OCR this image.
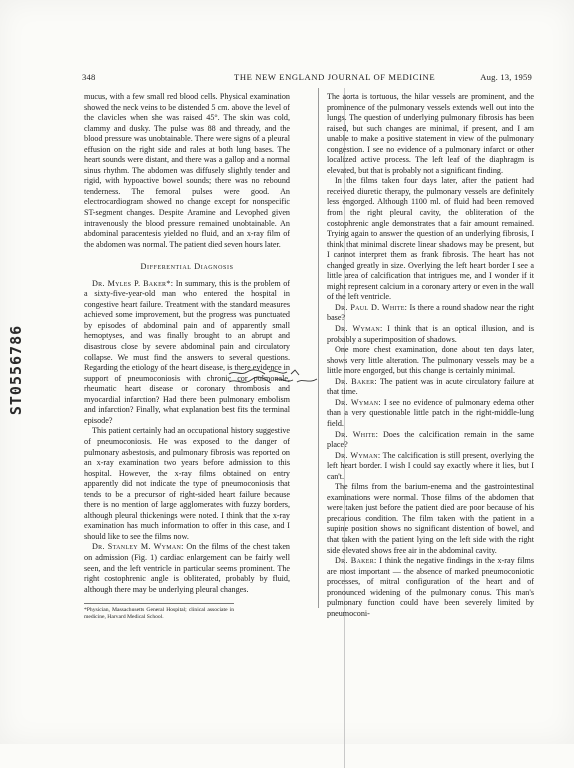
348	THE NEW ENGLAND JOURNAL OF MEDICINE	Aug. 13, 1959
ST0556786

mucus, with a few small red blood cells. Physical examination showed the neck veins to be distended 5 cm. above the level of the clavicles when she was raised 45°. The skin was cold, clammy and dusky. The pulse was 88 and thready, and the blood pressure was unobtainable. There were signs of a pleural effusion on the right side and rales at both lung bases. The heart sounds were distant, and there was a gallop and a normal sinus rhythm. The abdomen was diffusely slightly tender and rigid, with hypoactive bowel sounds; there was no rebound tenderness. The femoral pulses were good. An electrocardiogram showed no change except for nonspecific ST-segment changes. Despite Aramine and Levophed given intravenously the blood pressure remained unobtainable. An abdominal paracentesis yielded no fluid, and an x-ray film of the abdomen was normal. The patient died seven hours later.

Differential Diagnosis

Dr. Myles P. Baker*: In summary, this is the problem of a sixty-five-year-old man who entered the hospital in congestive heart failure. Treatment with the standard measures achieved some improvement, but the progress was punctuated by episodes of abdominal pain and of apparently small hemoptyses, and was finally brought to an abrupt and disastrous close by severe abdominal pain and circulatory collapse. We must find the answers to several questions. Regarding the etiology of the heart disease, is there evidence in support of pneumoconiosis with chronic cor pulmonale, rheumatic heart disease or coronary thrombosis and myocardial infarction? Had there been pulmonary embolism and infarction? Finally, what explanation best fits the terminal episode?

This patient certainly had an occupational history suggestive of pneumoconiosis. He was exposed to the danger of pulmonary asbestosis, and pulmonary fibrosis was reported on an x-ray examination two years before admission to this hospital. However, the x-ray films obtained on entry apparently did not indicate the type of pneumoconiosis that tends to be a precursor of right-sided heart failure because there is no mention of large agglomerates with fuzzy borders, although pleural thickenings were noted. I think that the x-ray examination has much information to offer in this case, and I should like to see the films now.

Dr. Stanley M. Wyman: On the films of the chest taken on admission (Fig. 1) cardiac enlargement can be fairly well seen, and the left ventricle in particular seems prominent. The right costophrenic angle is obliterated, probably by fluid, although there may be underlying pleural changes.

*Physician, Massachusetts General Hospital; clinical associate in medicine, Harvard Medical School.

The aorta is tortuous, the hilar vessels are prominent, and the prominence of the pulmonary vessels extends well out into the lungs. The question of underlying pulmonary fibrosis has been raised, but such changes are minimal, if present, and I am unable to make a positive statement in view of the pulmonary congestion. I see no evidence of a pulmonary infarct or other localized active process. The left leaf of the diaphragm is elevated, but that is probably not a significant finding.

In the films taken four days later, after the patient had received diuretic therapy, the pulmonary vessels are definitely less engorged. Although 1100 ml. of fluid had been removed from the right pleural cavity, the obliteration of the costophrenic angle demonstrates that a fair amount remained. Trying again to answer the question of an underlying fibrosis, I think that minimal discrete linear shadows may be present, but I cannot interpret them as frank fibrosis. The heart has not changed greatly in size. Overlying the left heart border I see a little area of calcification that intrigues me, and I wonder if it might represent calcium in a coronary artery or even in the wall of the left ventricle.

Dr. Paul D. White: Is there a round shadow near the right base?

Dr. Wyman: I think that is an optical illusion, and is probably a superimposition of shadows.

One more chest examination, done about ten days later, shows very little alteration. The pulmonary vessels may be a little more engorged, but this change is certainly minimal.

Dr. Baker: The patient was in acute circulatory failure at that time.

Dr. Wyman: I see no evidence of pulmonary edema other than a very questionable little patch in the right-middle-lung field.

Dr. White: Does the calcification remain in the same place?

Dr. Wyman: The calcification is still present, overlying the left heart border. I wish I could say exactly where it lies, but I can't.

The films from the barium-enema and the gastrointestinal examinations were normal. Those films of the abdomen that were taken just before the patient died are poor because of his precarious condition. The film taken with the patient in a supine position shows no significant distention of bowel, and that taken with the patient lying on the left side with the right side elevated shows free air in the abdominal cavity.

Dr. Baker: I think the negative findings in the x-ray films are most important — the absence of marked pneumoconiotic processes, of mitral configuration of the heart and of pronounced widening of the pulmonary conus. This man's pulmonary function could have been severely limited by pneumoconi-
